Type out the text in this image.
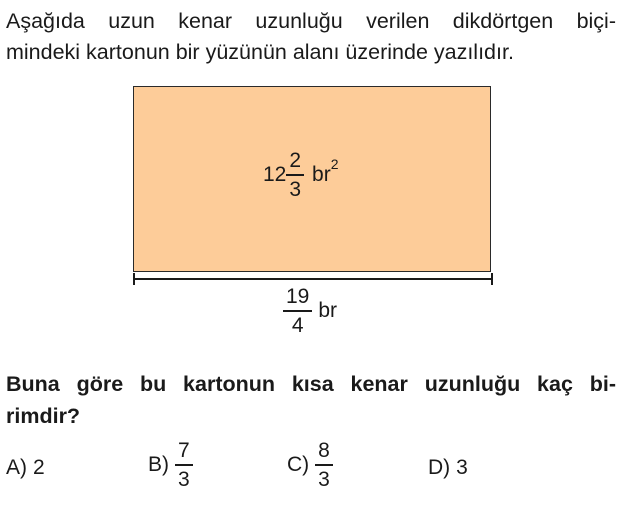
Aşağıda uzun kenar uzunluğu verilen dikdörtgen biçi-
mindeki kartonun bir yüzünün alanı üzerinde yazılıdır.
$12 \frac{2}{3}$ br 2
$\frac{19}{4}$ br
Buna göre bu kartonun kısa kenar uzunluğu kaç bi-
rimdir?
A) 2	$B) \frac{7}{3}$	$C) \frac{8}{3}$	D) 3
